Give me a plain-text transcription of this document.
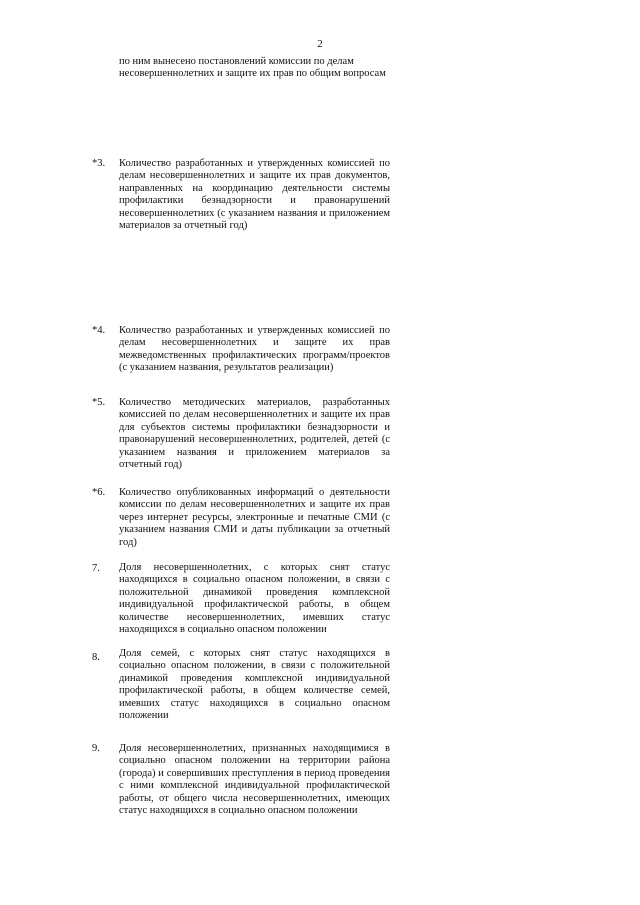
2

по ним вынесено постановлений комиссии по делам несовершеннолетних и защите их прав по общим вопросам

*3. Количество разработанных и утвержденных комиссией по делам несовершеннолетних и защите их прав документов, направленных на координацию деятельности системы профилактики безнадзорности и правонарушений несовершеннолетних (с указанием названия и приложением материалов за отчетный год)

*4. Количество разработанных и утвержденных комиссией по делам несовершеннолетних и защите их прав межведомственных профилактических программ/проектов (с указанием названия, результатов реализации)

*5. Количество методических материалов, разработанных комиссией по делам несовершеннолетних и защите их прав для субъектов системы профилактики безнадзорности и правонарушений несовершеннолетних, родителей, детей (с указанием названия и приложением материалов за отчетный год)

*6. Количество опубликованных информаций о деятельности комиссии по делам несовершеннолетних и защите их прав через интернет ресурсы, электронные и печатные СМИ (с указанием названия СМИ и даты публикации за отчетный год)

7. Доля несовершеннолетних, с которых снят статус находящихся в социально опасном положении, в связи с положительной динамикой проведения комплексной индивидуальной профилактической работы, в общем количестве несовершеннолетних, имевших статус находящихся в социально опасном положении

8. Доля семей, с которых снят статус находящихся в социально опасном положении, в связи с положительной динамикой проведения комплексной индивидуальной профилактической работы, в общем количестве семей, имевших статус находящихся в социально опасном положении

9. Доля несовершеннолетних, признанных находящимися в социально опасном положении на территории района (города) и совершивших преступления в период проведения с ними комплексной индивидуальной профилактической работы, от общего числа несовершеннолетних, имеющих статус находящихся в социально опасном положении
